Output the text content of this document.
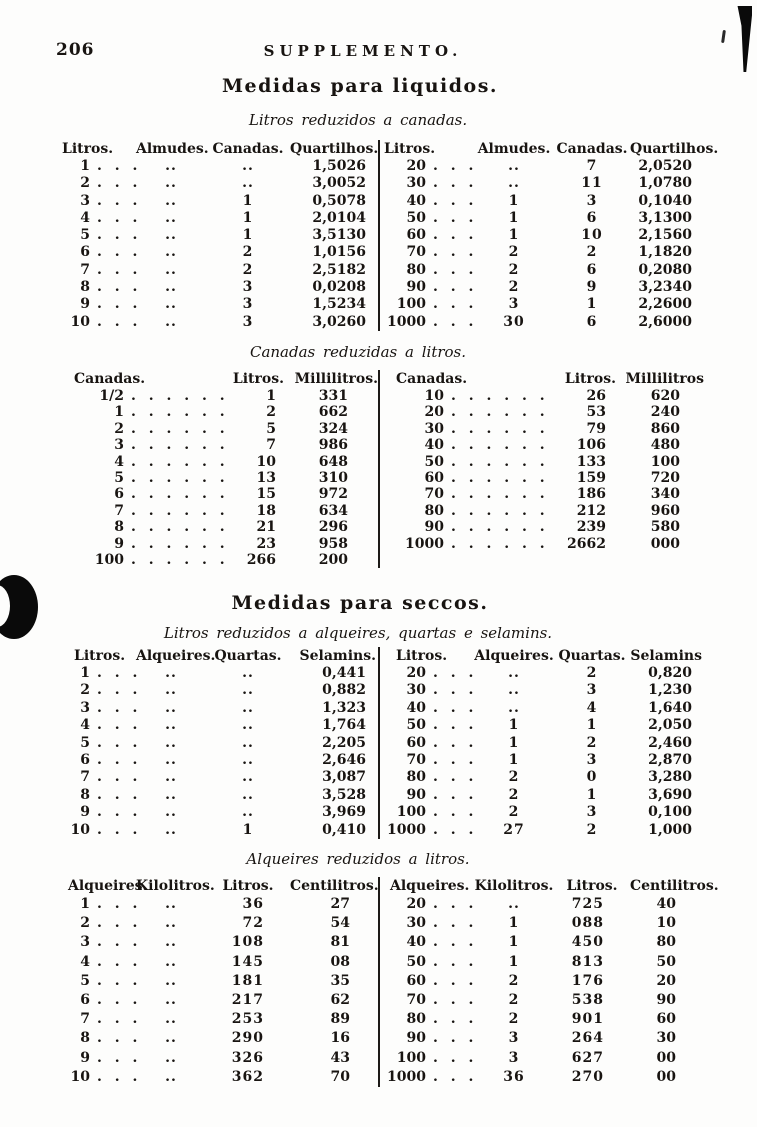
206	SUPPLEMENTO.
Medidas para liquidos.
Litros reduzidos a canadas.
Litros.	Almudes. Canadas. Quartilhos.
1 . . .	..	..	1,5026
2 . . .	..	..	3,0052
3 . . .	..	1	0,5078
4 . . .	..	1	2,0104
5 . . .	..	1	3,5130
6 . . .	..	2	1,0156
7 . . .	..	2	2,5182
8 . . .	..	3	0,0208
9 . . .	..	3	1,5234
10 . . .	..	3	3,0260
Litros.	Almudes. Canadas. Quartilhos.
20 . . .	..	7	2,0520
30 . . .	..	11	1,0780
40 . . .	1	3	0,1040
50 . . .	1	6	3,1300
60 . . .	1	10	2,1560
70 . . .	2	2	1,1820
80 . . .	2	6	0,2080
90 . . .	2	9	3,2340
100 . . .	3	1	2,2600
1000 . . .	30	6	2,6000
Canadas reduzidas a litros.
Canadas.	Litros. Millilitros.
1/2 . . . . . .	1	331
1 . . . . . .	2	662
2 . . . . . .	5	324
3 . . . . . .	7	986
4 . . . . . .	10	648
5 . . . . . .	13	310
6 . . . . . .	15	972
7 . . . . . .	18	634
8 . . . . . .	21	296
9 . . . . . .	23	958
100 . . . . . .	266	200
Canadas.	Litros. Millilitros
10 . . . . . .	26	620
20 . . . . . .	53	240
30 . . . . . .	79	860
40 . . . . . .	106	480
50 . . . . . .	133	100
60 . . . . . .	159	720
70 . . . . . .	186	340
80 . . . . . .	212	960
90 . . . . . .	239	580
1000 . . . . . .	2662	000
Medidas para seccos.
Litros reduzidos a alqueires, quartas e selamins.
Litros. Alqueires. Quartas.	Selamins.
1 . . .	..	..	0,441
2 . . .	..	..	0,882
3 . . .	..	..	1,323
4 . . .	..	..	1,764
5 . . .	..	..	2,205
6 . . .	..	..	2,646
7 . . .	..	..	3,087
8 . . .	..	..	3,528
9 . . .	..	..	3,969
10 . . .	..	1	0,410
Litros.	Alqueires. Quartas. Selamins
20 . . .	..	2	0,820
30 . . .	..	3	1,230
40 . . .	..	4	1,640
50 . . .	1	1	2,050
60 . . .	1	2	2,460
70 . . .	1	3	2,870
80 . . .	2	0	3,280
90 . . .	2	1	3,690
100 . . .	2	3	0,100
1000 . . .	27	2	1,000
Alqueires reduzidos a litros.
Alqueires.
Kilolitros. Litros.	Centilitros.
1 . . .	..	36	27
2 . . .	..	72	54
3 . . .	..	108	81
4 . . .	..	145	08
5 . . .	..	181	35
6 . . .	..	217	62
7 . . .	..	253	89
8 . . .	..	290	16
9 . . .	..	326	43
10 . . .	..	362	70
Alqueires. Kilolitros. Litros. Centilitros.
20 . . .	..	725	40
30 . . .	1	088	10
40 . . .	1	450	80
50 . . .	1	813	50
60 . . .	2	176	20
70 . . .	2	538	90
80 . . .	2	901	60
90 . . .	3	264	30
100 . . .	3	627	00
1000 . . .	36	270	00
